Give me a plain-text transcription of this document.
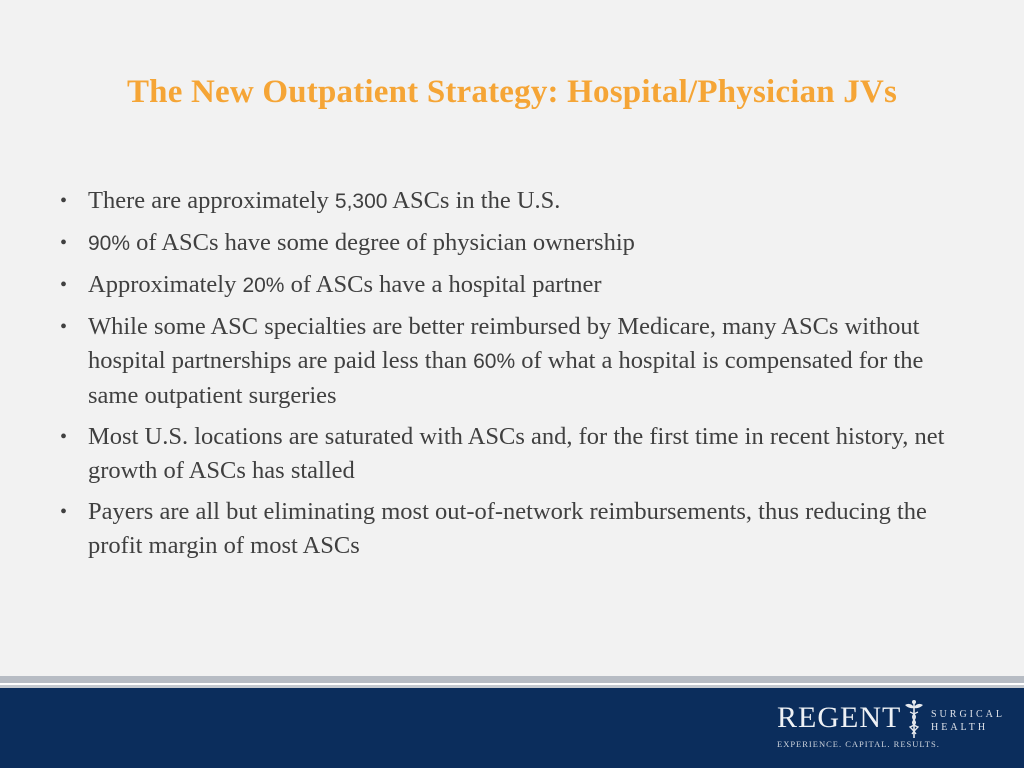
The New Outpatient Strategy: Hospital/Physician JVs
• There are approximately 5,300 ASCs in the U.S.
• 90% of ASCs have some degree of physician ownership
• Approximately 20% of ASCs have a hospital partner
• While some ASC specialties are better reimbursed by Medicare, many ASCs without hospital partnerships are paid less than 60% of what a hospital is compensated for the same outpatient surgeries
• Most U.S. locations are saturated with ASCs and, for the first time in recent history, net growth of ASCs has stalled
• Payers are all but eliminating most out-of-network reimbursements, thus reducing the profit margin of most ASCs
REGENT	SURGICAL
HEALTH
EXPERIENCE. CAPITAL. RESULTS.
